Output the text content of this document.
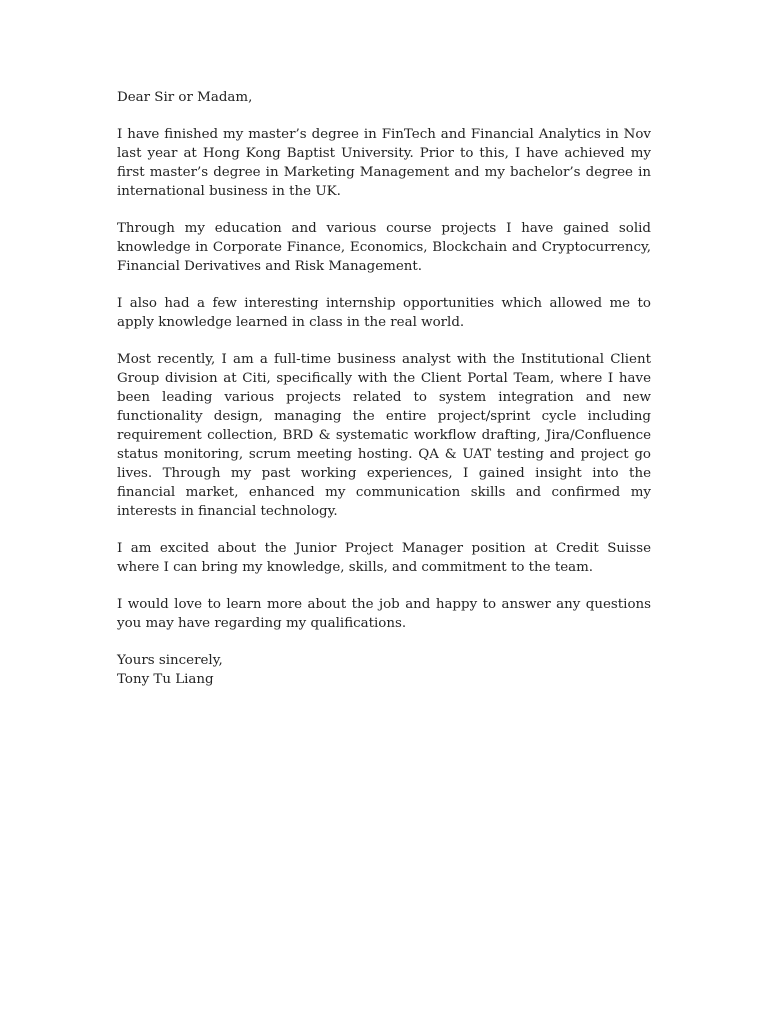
Dear Sir or Madam,

I have finished my master’s degree in FinTech and Financial Analytics in Nov last year at Hong Kong Baptist University. Prior to this, I have achieved my first master’s degree in Marketing Management and my bachelor’s degree in international business in the UK.

Through my education and various course projects I have gained solid knowledge in Corporate Finance, Economics, Blockchain and Cryptocurrency, Financial Derivatives and Risk Management.

I also had a few interesting internship opportunities which allowed me to apply knowledge learned in class in the real world.

Most recently, I am a full-time business analyst with the Institutional Client Group division at Citi, specifically with the Client Portal Team, where I have been leading various projects related to system integration and new functionality design, managing the entire project/sprint cycle including requirement collection, BRD & systematic workflow drafting, Jira/Confluence status monitoring, scrum meeting hosting. QA & UAT testing and project go lives. Through my past working experiences, I gained insight into the financial market, enhanced my communication skills and confirmed my interests in financial technology.

I am excited about the Junior Project Manager position at Credit Suisse where I can bring my knowledge, skills, and commitment to the team.

I would love to learn more about the job and happy to answer any questions you may have regarding my qualifications.

Yours sincerely,

Tony Tu Liang
